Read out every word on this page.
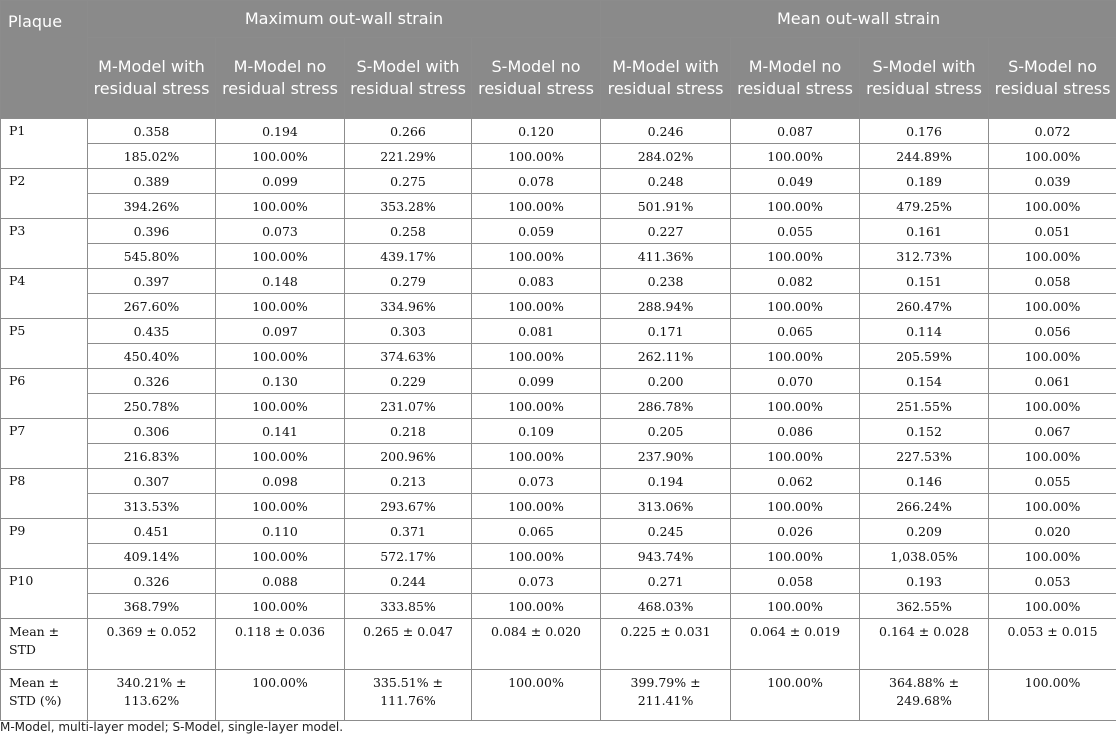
Plaque	Maximum out-wall strain				Mean out-wall strain			
	M-Model with residual stress	M-Model no residual stress	S-Model with residual stress	S-Model no residual stress	M-Model with residual stress	M-Model no residual stress	S-Model with residual stress	S-Model no residual stress
P1	0.358	0.194	0.266	0.120	0.246	0.087	0.176	0.072
	185.02%	100.00%	221.29%	100.00%	284.02%	100.00%	244.89%	100.00%
P2	0.389	0.099	0.275	0.078	0.248	0.049	0.189	0.039
	394.26%	100.00%	353.28%	100.00%	501.91%	100.00%	479.25%	100.00%
P3	0.396	0.073	0.258	0.059	0.227	0.055	0.161	0.051
	545.80%	100.00%	439.17%	100.00%	411.36%	100.00%	312.73%	100.00%
P4	0.397	0.148	0.279	0.083	0.238	0.082	0.151	0.058
	267.60%	100.00%	334.96%	100.00%	288.94%	100.00%	260.47%	100.00%
P5	0.435	0.097	0.303	0.081	0.171	0.065	0.114	0.056
	450.40%	100.00%	374.63%	100.00%	262.11%	100.00%	205.59%	100.00%
P6	0.326	0.130	0.229	0.099	0.200	0.070	0.154	0.061
	250.78%	100.00%	231.07%	100.00%	286.78%	100.00%	251.55%	100.00%
P7	0.306	0.141	0.218	0.109	0.205	0.086	0.152	0.067
	216.83%	100.00%	200.96%	100.00%	237.90%	100.00%	227.53%	100.00%
P8	0.307	0.098	0.213	0.073	0.194	0.062	0.146	0.055
	313.53%	100.00%	293.67%	100.00%	313.06%	100.00%	266.24%	100.00%
P9	0.451	0.110	0.371	0.065	0.245	0.026	0.209	0.020
	409.14%	100.00%	572.17%	100.00%	943.74%	100.00%	1,038.05%	100.00%
P10	0.326	0.088	0.244	0.073	0.271	0.058	0.193	0.053
	368.79%	100.00%	333.85%	100.00%	468.03%	100.00%	362.55%	100.00%
Mean ± STD	0.369 ± 0.052	0.118 ± 0.036	0.265 ± 0.047	0.084 ± 0.020	0.225 ± 0.031	0.064 ± 0.019	0.164 ± 0.028	0.053 ± 0.015
Mean ± STD (%)	340.21% ± 113.62%	100.00%	335.51% ± 111.76%	100.00%	399.79% ± 211.41%	100.00%	364.88% ± 249.68%	100.00%
M-Model, multi-layer model; S-Model, single-layer model.
